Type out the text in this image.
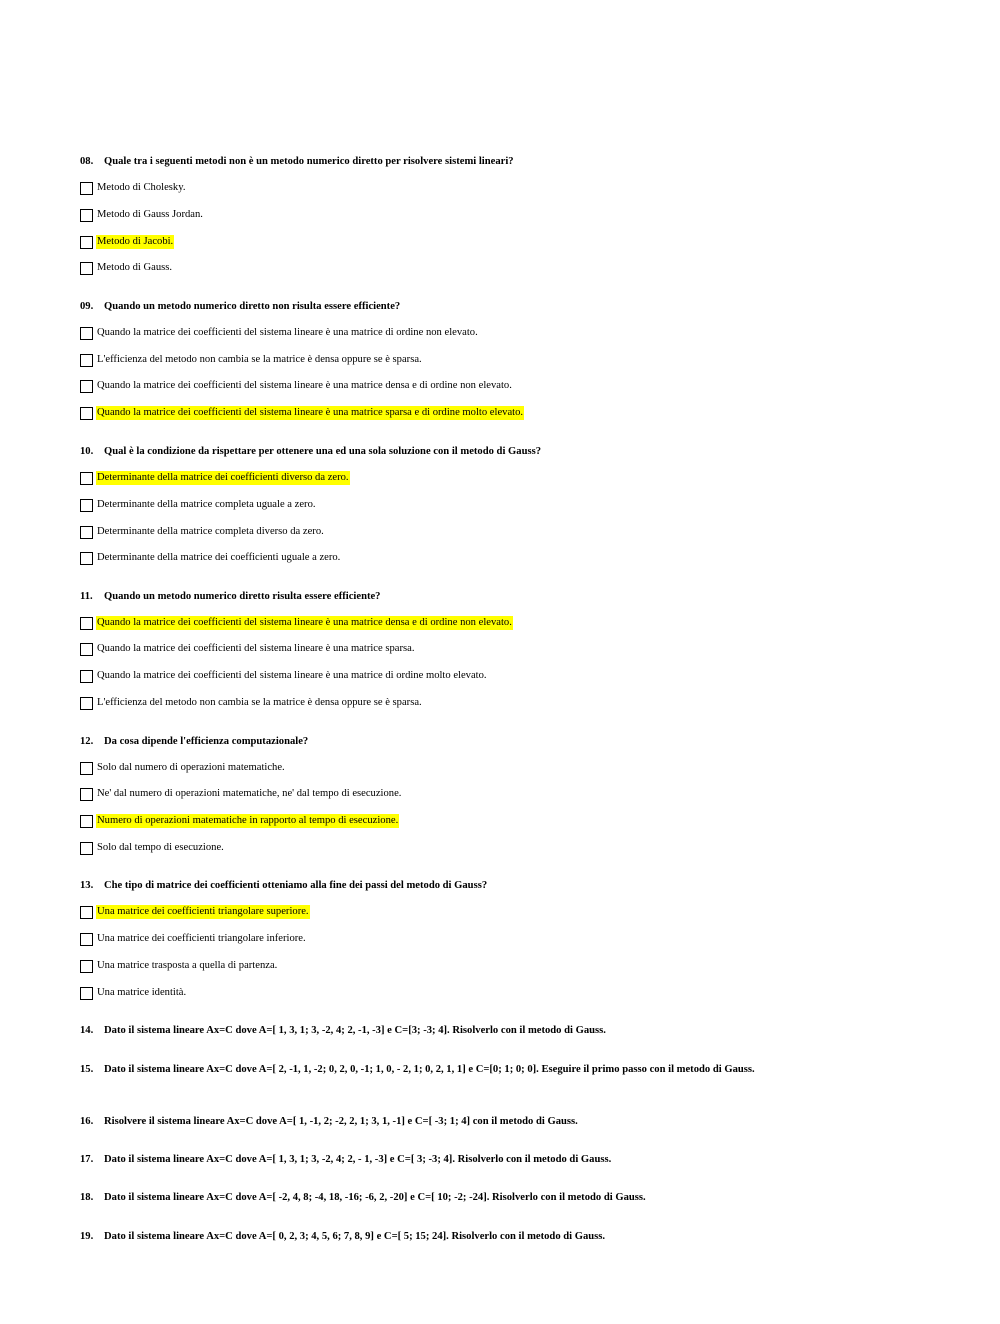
08. Quale tra i seguenti metodi non è un metodo numerico diretto per risolvere sistemi lineari?
Metodo di Cholesky.
Metodo di Gauss Jordan.
Metodo di Jacobi.
Metodo di Gauss.
09. Quando un metodo numerico diretto non risulta essere efficiente?
Quando la matrice dei coefficienti del sistema lineare è una matrice di ordine non elevato.
L'efficienza del metodo non cambia se la matrice è densa oppure se è sparsa.
Quando la matrice dei coefficienti del sistema lineare è una matrice densa e di ordine non elevato.
Quando la matrice dei coefficienti del sistema lineare è una matrice sparsa e di ordine molto elevato.
10. Qual è la condizione da rispettare per ottenere una ed una sola soluzione con il metodo di Gauss?
Determinante della matrice dei coefficienti diverso da zero.
Determinante della matrice completa uguale a zero.
Determinante della matrice completa diverso da zero.
Determinante della matrice dei coefficienti uguale a zero.
11. Quando un metodo numerico diretto risulta essere efficiente?
Quando la matrice dei coefficienti del sistema lineare è una matrice densa e di ordine non elevato.
Quando la matrice dei coefficienti del sistema lineare è una matrice sparsa.
Quando la matrice dei coefficienti del sistema lineare è una matrice di ordine molto elevato.
L'efficienza del metodo non cambia se la matrice è densa oppure se è sparsa.
12. Da cosa dipende l'efficienza computazionale?
Solo dal numero di operazioni matematiche.
Ne' dal numero di operazioni matematiche, ne' dal tempo di esecuzione.
Numero di operazioni matematiche in rapporto al tempo di esecuzione.
Solo dal tempo di esecuzione.
13. Che tipo di matrice dei coefficienti otteniamo alla fine dei passi del metodo di Gauss?
Una matrice dei coefficienti triangolare superiore.
Una matrice dei coefficienti triangolare inferiore.
Una matrice trasposta a quella di partenza.
Una matrice identità.
14. Dato il sistema lineare Ax=C dove A=[ 1, 3, 1; 3, -2, 4; 2, -1, -3] e C=[3; -3; 4]. Risolverlo con il metodo di Gauss.
15. Dato il sistema lineare Ax=C dove A=[ 2, -1, 1, -2; 0, 2, 0, -1; 1, 0, - 2, 1; 0, 2, 1, 1] e C=[0; 1; 0; 0]. Eseguire il primo passo con il metodo di Gauss.
16. Risolvere il sistema lineare Ax=C dove A=[ 1, -1, 2; -2, 2, 1; 3, 1, -1] e C=[ -3; 1; 4] con il metodo di Gauss.
17. Dato il sistema lineare Ax=C dove A=[ 1, 3, 1; 3, -2, 4; 2, - 1, -3] e C=[ 3; -3; 4]. Risolverlo con il metodo di Gauss.
18. Dato il sistema lineare Ax=C dove A=[ -2, 4, 8; -4, 18, -16; -6, 2, -20] e C=[ 10; -2; -24]. Risolverlo con il metodo di Gauss.
19. Dato il sistema lineare Ax=C dove A=[ 0, 2, 3; 4, 5, 6; 7, 8, 9] e C=[ 5; 15; 24]. Risolverlo con il metodo di Gauss.
